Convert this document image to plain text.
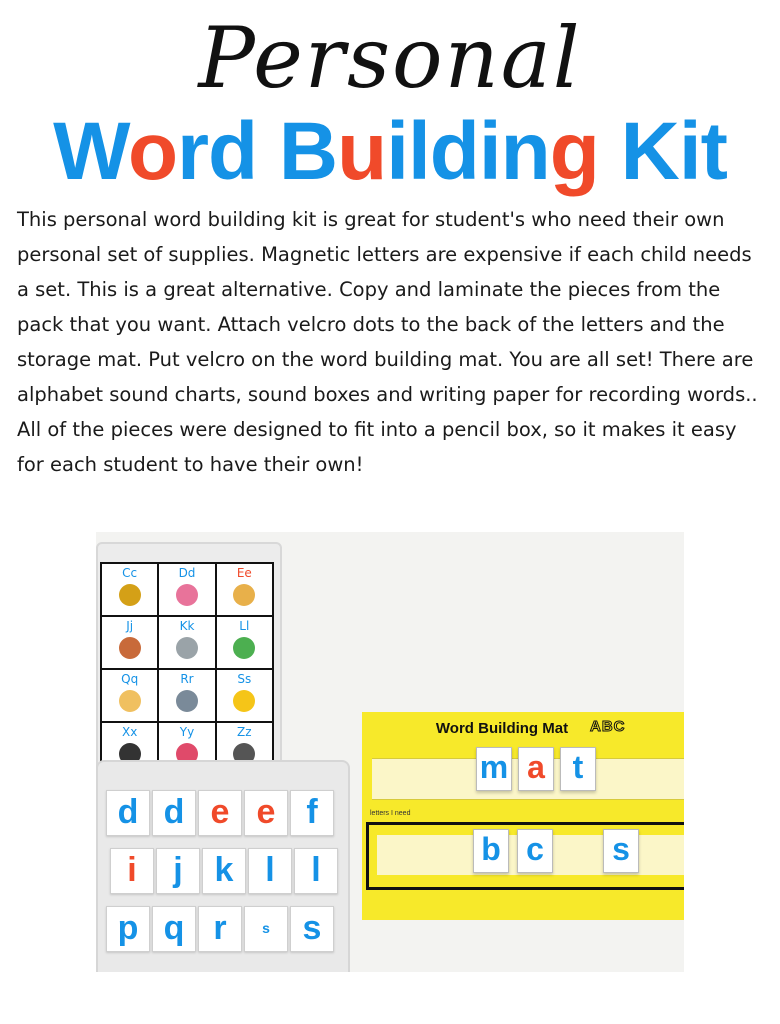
Personal
Word Building Kit

This personal word building kit is great for student's who need their own personal set of supplies. Magnetic letters are expensive if each child needs a set. This is a great alternative. Copy and laminate the pieces from the pack that you want. Attach velcro dots to the back of the letters and the storage mat. Put velcro on the word building mat. You are all set! There are alphabet sound charts, sound boxes and writing paper for recording words.. All of the pieces were designed to fit into a pencil box, so it makes it easy for each student to have their own!

Cc	Dd	Ee
Jj	Kk	Ll
Qq	Rr	Ss
Xx	Yy	Zz
d d e e f
i	j k l	l
p q r	s s
Word Building Mat	ABC
m a t
letters I need
b c s
